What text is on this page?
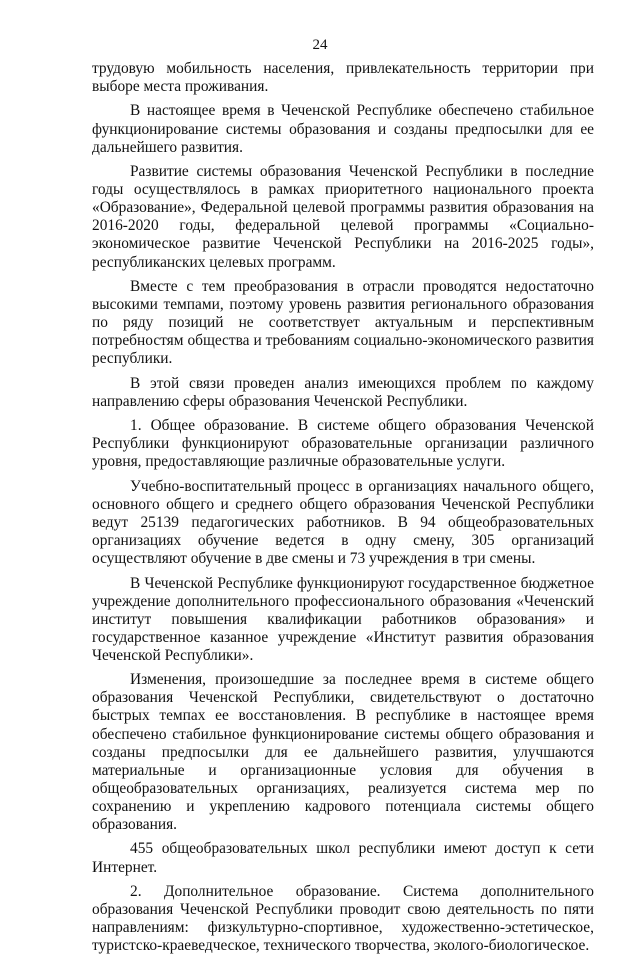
24

трудовую мобильность населения, привлекательность территории при выборе места проживания.

В настоящее время в Чеченской Республике обеспечено стабильное функционирование системы образования и созданы предпосылки для ее дальнейшего развития.

Развитие системы образования Чеченской Республики в последние годы осуществлялось в рамках приоритетного национального проекта «Образование», Федеральной целевой программы развития образования на 2016-2020 годы, федеральной целевой программы «Социально-экономическое развитие Чеченской Республики на 2016-2025 годы», республиканских целевых программ.

Вместе с тем преобразования в отрасли проводятся недостаточно высокими темпами, поэтому уровень развития регионального образования по ряду позиций не соответствует актуальным и перспективным потребностям общества и требованиям социально-экономического развития республики.

В этой связи проведен анализ имеющихся проблем по каждому направлению сферы образования Чеченской Республики.

1. Общее образование. В системе общего образования Чеченской Республики функционируют образовательные организации различного уровня, предоставляющие различные образовательные услуги.

Учебно-воспитательный процесс в организациях начального общего, основного общего и среднего общего образования Чеченской Республики ведут 25139 педагогических работников. В 94 общеобразовательных организациях обучение ведется в одну смену, 305 организаций осуществляют обучение в две смены и 73 учреждения в три смены.

В Чеченской Республике функционируют государственное бюджетное учреждение дополнительного профессионального образования «Чеченский институт повышения квалификации работников образования» и государственное казанное учреждение «Институт развития образования Чеченской Республики».

Изменения, произошедшие за последнее время в системе общего образования Чеченской Республики, свидетельствуют о достаточно быстрых темпах ее восстановления. В республике в настоящее время обеспечено стабильное функционирование системы общего образования и созданы предпосылки для ее дальнейшего развития, улучшаются материальные и организационные условия для обучения в общеобразовательных организациях, реализуется система мер по сохранению и укреплению кадрового потенциала системы общего образования.

455 общеобразовательных школ республики имеют доступ к сети Интернет.

2. Дополнительное образование. Система дополнительного образования Чеченской Республики проводит свою деятельность по пяти направлениям: физкультурно-спортивное, художественно-эстетическое, туристско-краеведческое, технического творчества, эколого-биологическое.
